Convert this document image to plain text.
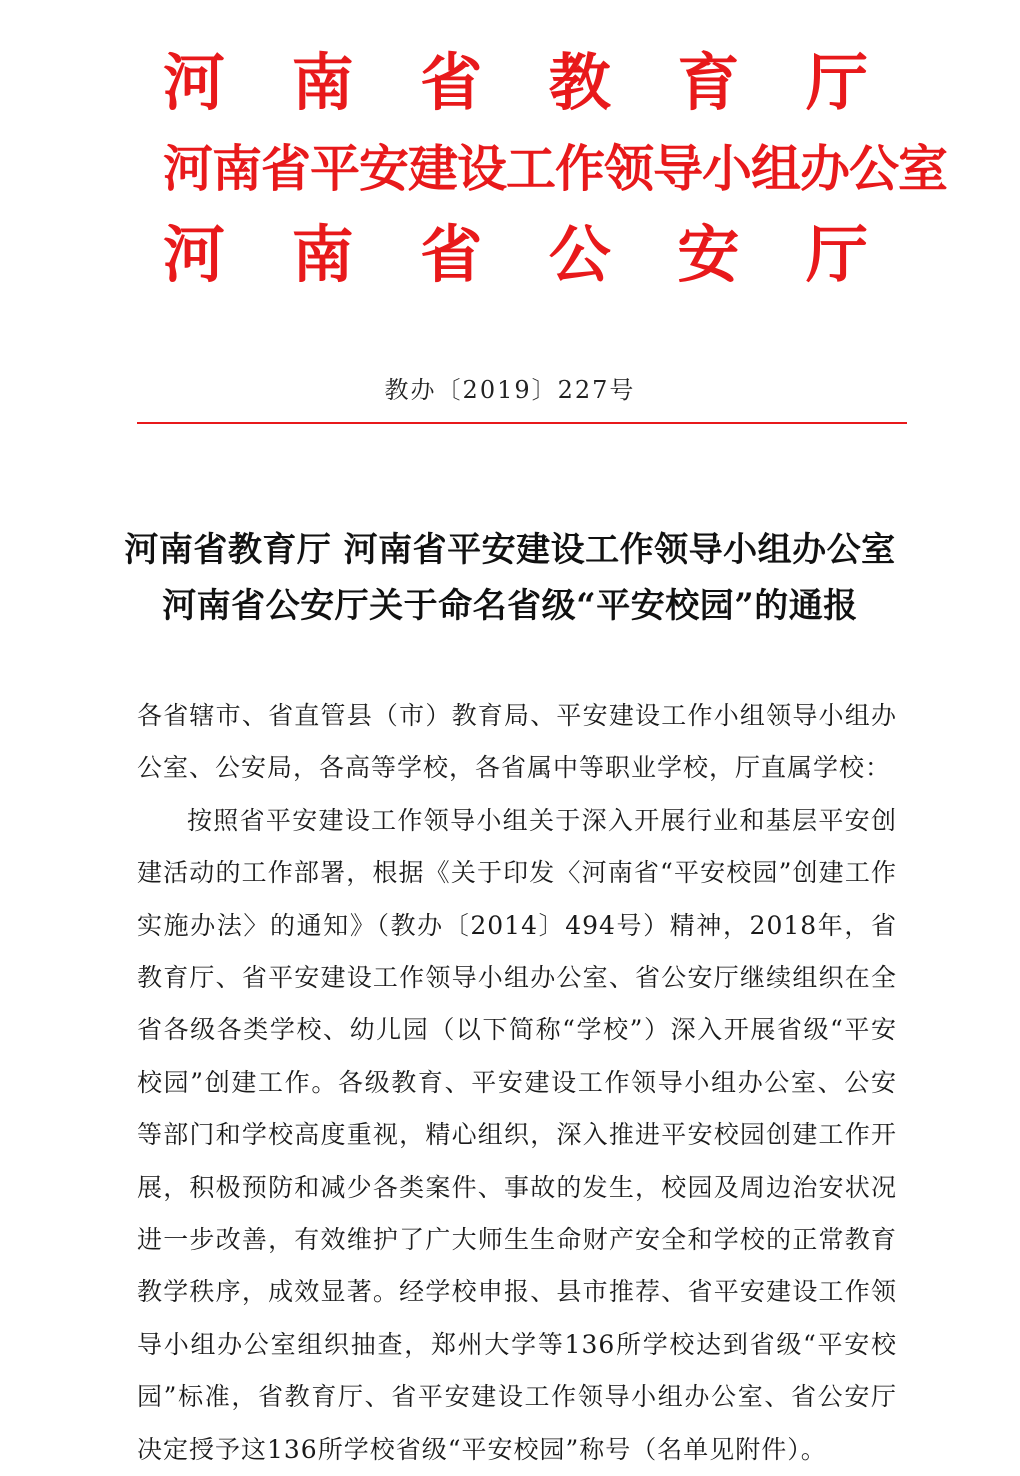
河 南 省 教 育 厅
河南省平安建设工作领导小组办公室
河 南 省 公 安 厅
教办〔2019〕227号
河南省教育厅 河南省平安建设工作领导小组办公室
河南省公安厅关于命名省级“平安校园”的通报

各省辖市、省直管县（市）教育局、平安建设工作小组领导小组办公室、公安局，各高等学校，各省属中等职业学校，厅直属学校：

按照省平安建设工作领导小组关于深入开展行业和基层平安创建活动的工作部署，根据《关于印发〈河南省“平安校园”创建工作实施办法〉的通知》（教办〔2014〕494号）精神，2018年，省教育厅、省平安建设工作领导小组办公室、省公安厅继续组织在全省各级各类学校、幼儿园（以下简称“学校”）深入开展省级“平安校园”创建工作。各级教育、平安建设工作领导小组办公室、公安等部门和学校高度重视，精心组织，深入推进平安校园创建工作开展，积极预防和减少各类案件、事故的发生，校园及周边治安状况进一步改善，有效维护了广大师生生命财产安全和学校的正常教育教学秩序，成效显著。经学校申报、县市推荐、省平安建设工作领导小组办公室组织抽查，郑州大学等136所学校达到省级“平安校园”标准，省教育厅、省平安建设工作领导小组办公室、省公安厅决定授予这136所学校省级“平安校园”称号（名单见附件）。
